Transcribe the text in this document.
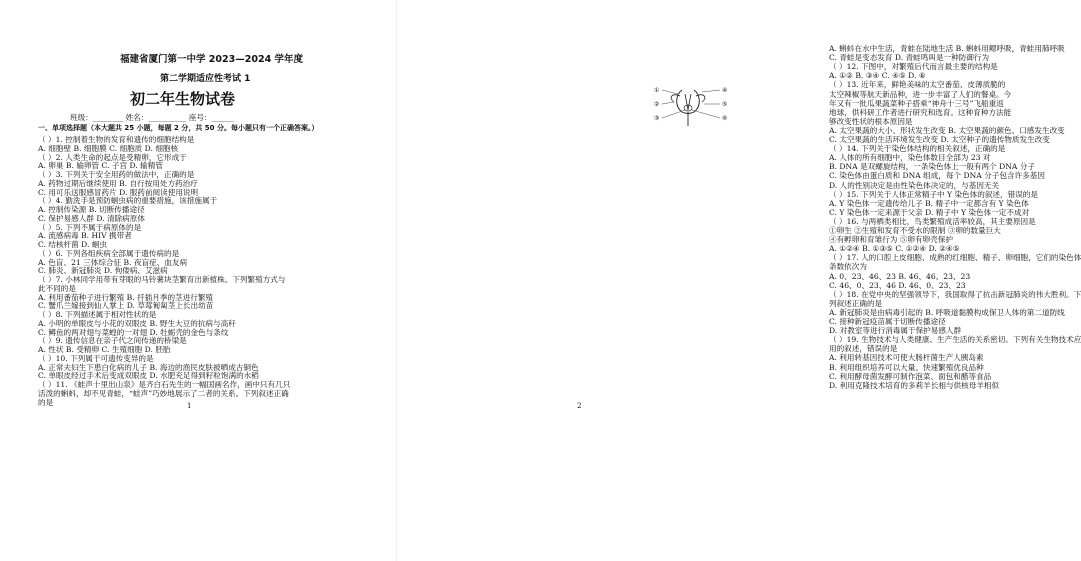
福建省厦门第一中学 2023—2024 学年度
第二学期适应性考试 1
初二年生物试卷
班级：________ 姓名：__________ 座号：______
一、单项选择题（本大题共 25 小题，每题 2 分，共 50 分。每小题只有一个正确答案。）
（ ）1. 控制着生物的发育和遗传的细胞结构是
A. 细胞壁 B. 细胞膜 C. 细胞质 D. 细胞核
（ ）2. 人类生命的起点是受精卵，它形成于
A. 卵巢 B. 输卵管 C. 子宫 D. 输精管
（ ）3. 下列关于安全用药的做法中，正确的是
A. 药物过期后继续使用 B. 自行按用处方药治疗
C. 用可乐送服感冒药片 D. 服药前阅读使用说明
（ ）4. 勤洗手是预防蛔虫病的重要措施，该措施属于
A. 控制传染源 B. 切断传播途径
C. 保护易感人群 D. 清除病原体
（ ）5. 下列不属于病原体的是
A. 流感病毒 B. HIV 携带者
C. 结核杆菌 D. 蛔虫
（ ）6. 下列各组疾病全部属于遗传病的是
A. 色盲、21 三体综合征 B. 夜盲症、血友病
C. 肺炎、新冠肺炎 D. 佝偻病、艾滋病
（ ）7. 小林同学用带有芽眼的马铃薯块茎繁育出新植株。下列繁殖方式与
此不同的是
A. 利用番茄种子进行繁殖 B. 扦插月季的茎进行繁殖
C. 蟹爪兰嫁接到仙人掌上 D. 草莓匍匐茎上长出幼苗
（ ）8. 下列描述属于相对性状的是
A. 小明的单眼皮与小花的双眼皮 B. 野生大豆的抗病与高秆
C. 鳟鱼的两对翅与菜蝗的一对翅 D. 牡蛎壳的金色与条纹
（ ）9. 遗传信息在亲子代之间传递的桥梁是
A. 性状 B. 受精卵 C. 生殖细胞 D. 胚胎
（ ）10. 下列属于可遗传变异的是
A. 正常夫妇生下患白化病的儿子 B. 海边的渔民皮肤被晒成古铜色
C. 单眼皮经过手术后变成双眼皮 D. 水肥充足得到籽粒饱满的水稻
（ ）11. 《蛙声十里出山泉》是齐白石先生的一幅国画名作，画中只有几只
活泼的蝌蚪，却不见青蛙，“蛙声”巧妙地展示了二者的关系。下列叙述正确
的是	1
A. 蝌蚪在水中生活，青蛙在陆地生活 B. 蝌蚪用鳃呼吸，青蛙用肺呼吸
C. 青蛙是变态发育 D. 青蛙鸣叫是一种防御行为
（ ）12. 下图中，对繁殖后代而言最主要的结构是
A. ①② B. ③④ C. ④⑤ D. ⑥
（ ）13. 近年来，鲜艳美味的太空番茄、皮薄质脆的
太空辣椒等航天新品种，进一步丰富了人们的餐桌。今
年又有一批瓜果蔬菜种子搭乘“神舟十三号”飞船重返
地球，供科研工作者进行研究和选育。这种育种方法能
够改变性状的根本原因是
A. 太空果蔬的大小、形状发生改变 B. 太空果蔬的颜色、口感发生改变
C. 太空果蔬的生活环境发生改变 D. 太空种子的遗传物质发生改变
（ ）14. 下列关于染色体结构的相关叙述，正确的是
A. 人体的所有细胞中，染色体数目全部为 23 对
B. DNA 是双螺旋结构，一条染色体上一般有两个 DNA 分子
C. 染色体由蛋白质和 DNA 组成，每个 DNA 分子包含许多基因
D. 人的性别决定是由性染色体决定的，与基因无关
（ ）15. 下列关于人体正常精子中 Y 染色体的叙述，错误的是
A. Y 染色体一定遗传给儿子 B. 精子中一定都含有 Y 染色体
C. Y 染色体一定来源于父亲 D. 精子中 Y 染色体一定不成对
（ ）16. 与两栖类相比，鸟类繁殖成活率较高，其主要原因是
①卵生 ②生殖和发育不受水的限制 ③卵的数量巨大
④有孵卵和育雏行为 ⑤卵有卵壳保护
A. ①②④ B. ①③⑤ C. ①②④ D. ②④⑤
（ ）17. 人的口腔上皮细胞、成熟的红细胞、精子、卵细胞，它们的染色体
条数依次为
A. 0、23、46、23 B. 46、46、23、23
C. 46、0、23、46 D. 46、0、23、23
（ ）18. 在党中央的坚强领导下，我国取得了抗击新冠肺炎的伟大胜利。下
列叙述正确的是
A. 新冠肺炎是由病毒引起的 B. 呼吸道黏膜构成保卫人体的第二道防线
C. 接种新冠疫苗属于切断传播途径
D. 对教室等进行消毒属于保护易感人群
（ ）19. 生物技术与人类健康、生产生活的关系密切。下列有关生物技术应
用的叙述，错误的是
A. 利用转基因技术可使大肠杆菌生产人胰岛素
B. 利用组织培养可以大量、快速繁殖优良品种
C. 利用酵母菌发酵可制作泡菜、面包和醋等食品
D. 利用克隆技术培育的多莉羊长相与供核母羊相似
①
②
③
④
⑤
⑥
2
